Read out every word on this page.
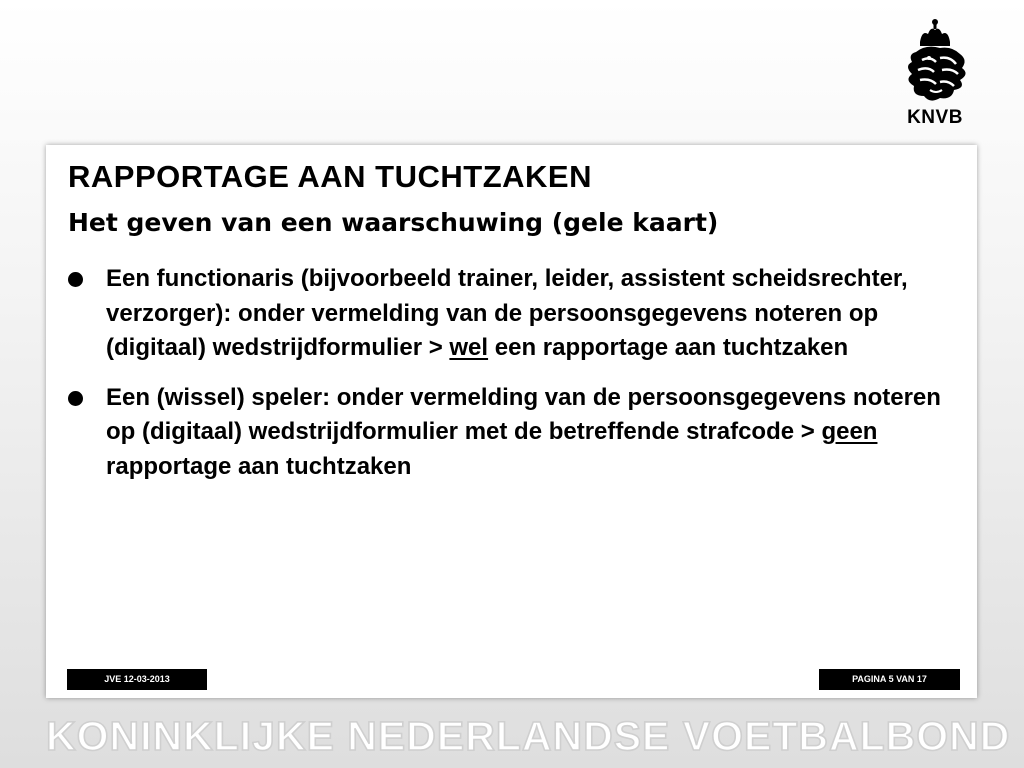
KNVB
RAPPORTAGE AAN TUCHTZAKEN
Het geven van een waarschuwing (gele kaart)
Een functionaris (bijvoorbeeld trainer, leider, assistent scheidsrechter, verzorger): onder vermelding van de persoonsgegevens noteren op (digitaal) wedstrijdformulier > wel een rapportage aan tuchtzaken
Een (wissel) speler: onder vermelding van de persoonsgegevens noteren op (digitaal) wedstrijdformulier met de betreffende strafcode > geen rapportage aan tuchtzaken
JVE 12-03-2013	PAGINA 5 VAN 17
KONINKLIJKE NEDERLANDSE VOETBALBOND
